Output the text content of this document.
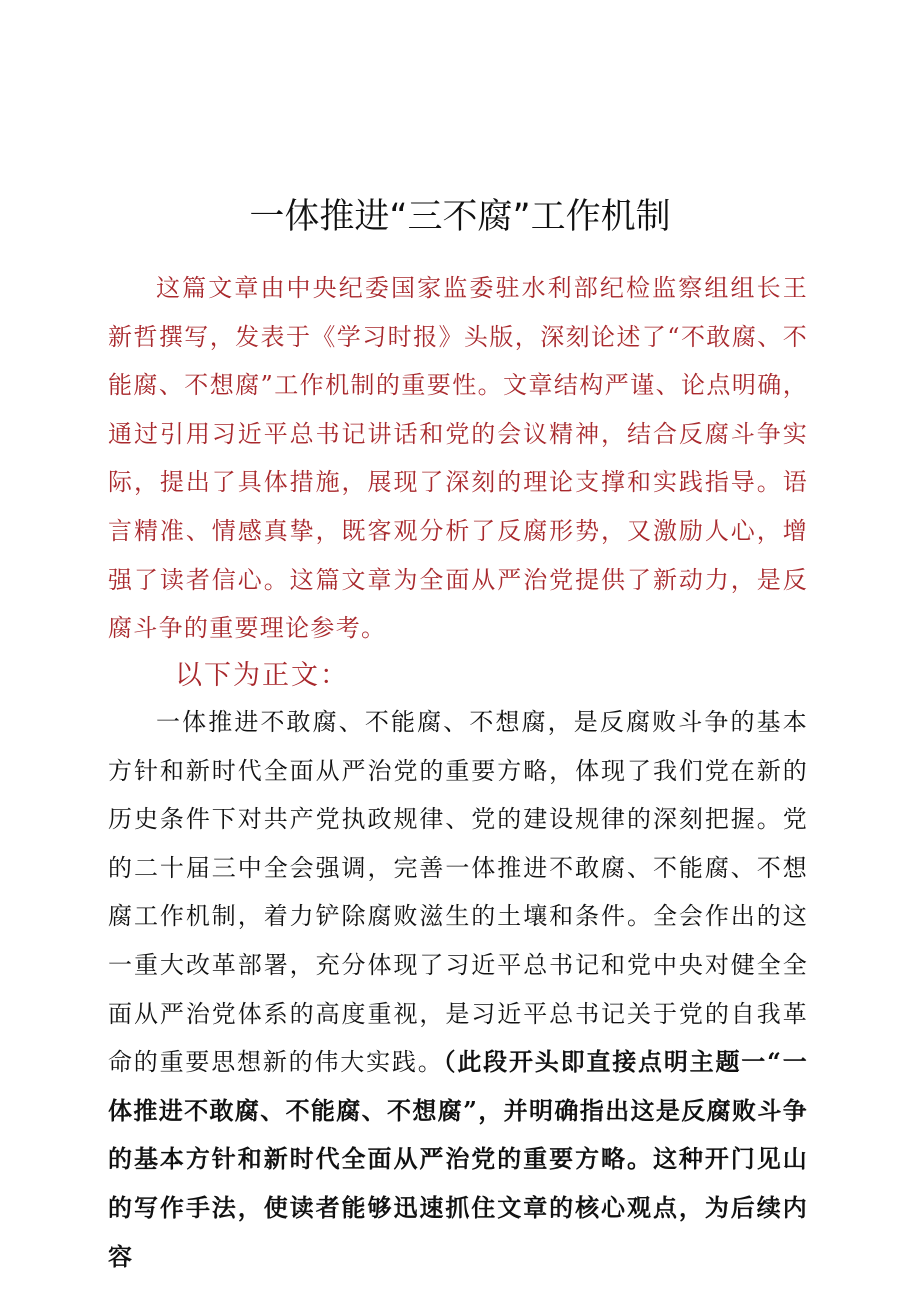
一体推进“三不腐”工作机制

这篇文章由中央纪委国家监委驻水利部纪检监察组组长王新哲撰写，发表于《学习时报》头版，深刻论述了“不敢腐、不能腐、不想腐”工作机制的重要性。文章结构严谨、论点明确，通过引用习近平总书记讲话和党的会议精神，结合反腐斗争实际，提出了具体措施，展现了深刻的理论支撑和实践指导。语言精准、情感真挚，既客观分析了反腐形势，又激励人心，增强了读者信心。这篇文章为全面从严治党提供了新动力，是反腐斗争的重要理论参考。

以下为正文：

一体推进不敢腐、不能腐、不想腐，是反腐败斗争的基本方针和新时代全面从严治党的重要方略，体现了我们党在新的历史条件下对共产党执政规律、党的建设规律的深刻把握。党的二十届三中全会强调，完善一体推进不敢腐、不能腐、不想腐工作机制，着力铲除腐败滋生的土壤和条件。全会作出的这一重大改革部署，充分体现了习近平总书记和党中央对健全全面从严治党体系的高度重视，是习近平总书记关于党的自我革命的重要思想新的伟大实践。（此段开头即直接点明主题一“一体推进不敢腐、不能腐、不想腐”，并明确指出这是反腐败斗争的基本方针和新时代全面从严治党的重要方略。这种开门见山的写作手法，使读者能够迅速抓住文章的核心观点，为后续内容
